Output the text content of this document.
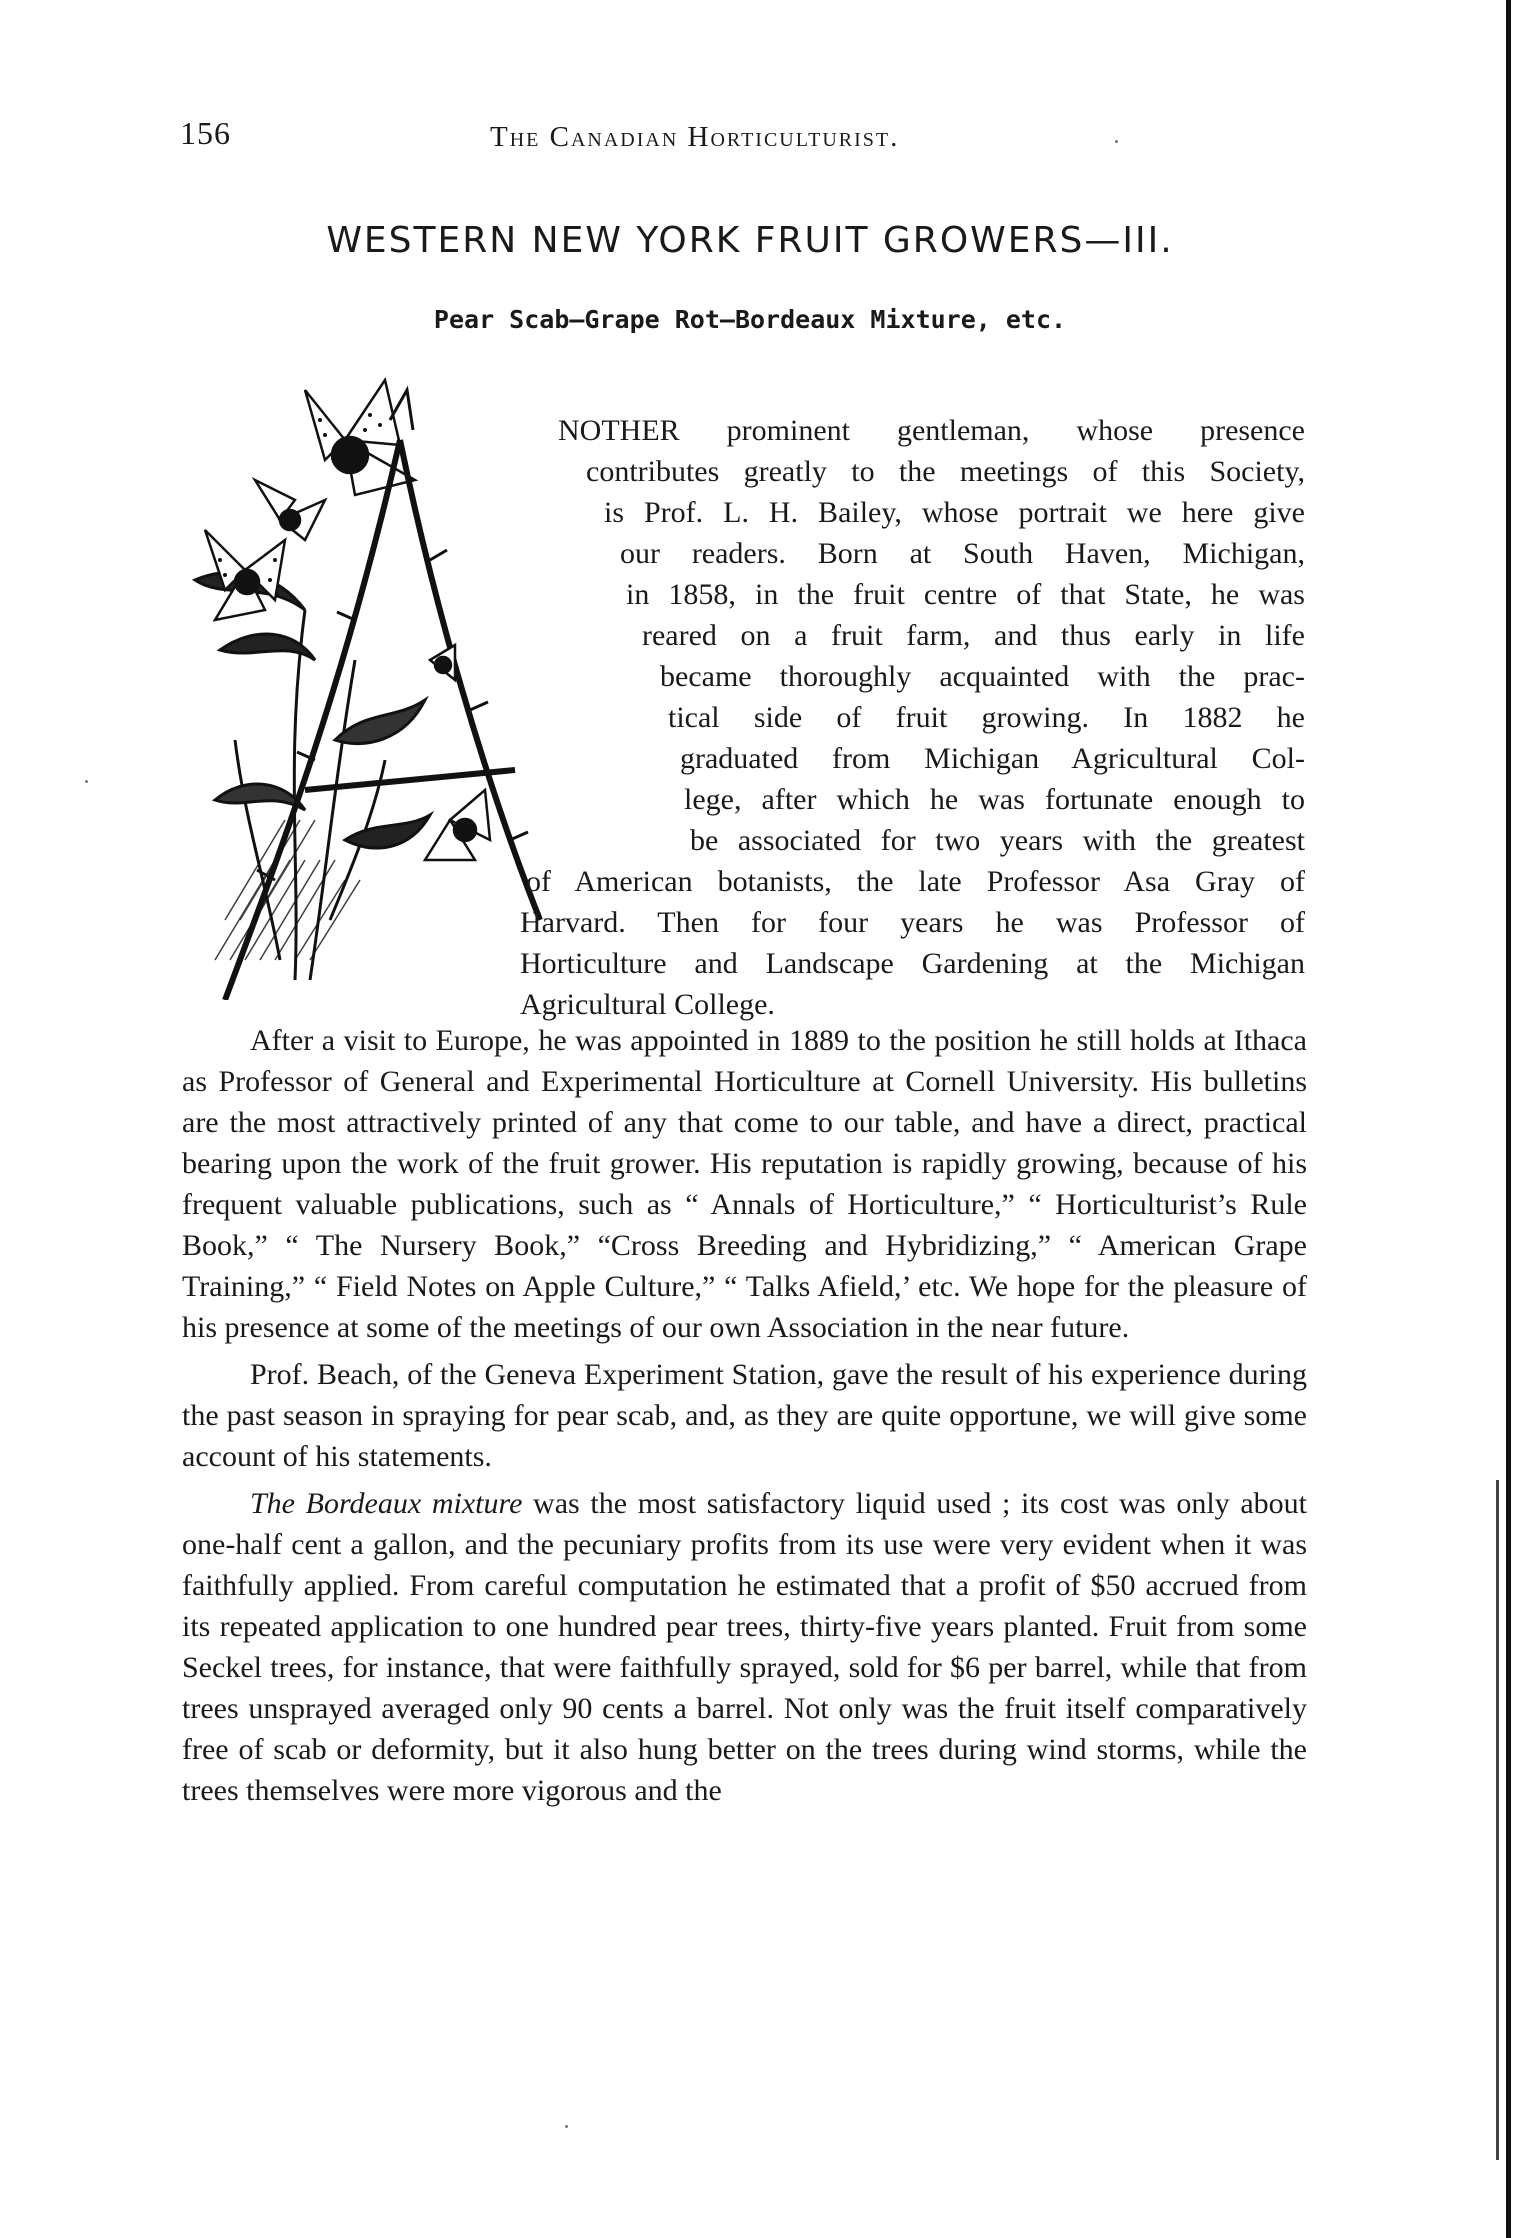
156	The Canadian Horticulturist.
WESTERN NEW YORK FRUIT GROWERS—III.
Pear Scab—Grape Rot—Bordeaux Mixture, etc.
NOTHER prominent gentleman, whose presence
contributes greatly to the meetings of this Society,
is Prof. L. H. Bailey, whose portrait we here give
our readers. Born at South Haven, Michigan,
in 1858, in the fruit centre of that State, he was
reared on a fruit farm, and thus early in life
became thoroughly acquainted with the prac-
tical side of fruit growing. In 1882 he
graduated from Michigan Agricultural Col-
lege, after which he was fortunate enough to
be associated for two years with the greatest
of American botanists, the late Professor Asa Gray of
Harvard. Then for four years he was Professor of
Horticulture and Landscape Gardening at the Michigan
Agricultural College.

After a visit to Europe, he was appointed in 1889 to the position he still holds at Ithaca as Professor of General and Experimental Horticulture at Cornell University. His bulletins are the most attractively printed of any that come to our table, and have a direct, practical bearing upon the work of the fruit grower. His reputation is rapidly growing, because of his frequent valuable publications, such as “ Annals of Horticulture,” “ Horticulturist’s Rule Book,” “ The Nursery Book,” “Cross Breeding and Hybridizing,” “ American Grape Training,” “ Field Notes on Apple Culture,” “ Talks Afield,’ etc. We hope for the pleasure of his presence at some of the meetings of our own Association in the near future.

Prof. Beach, of the Geneva Experiment Station, gave the result of his experience during the past season in spraying for pear scab, and, as they are quite opportune, we will give some account of his statements.

The Bordeaux mixture was the most satisfactory liquid used ; its cost was only about one-half cent a gallon, and the pecuniary profits from its use were very evident when it was faithfully applied. From careful computation he estimated that a profit of $50 accrued from its repeated application to one hundred pear trees, thirty-five years planted. Fruit from some Seckel trees, for instance, that were faithfully sprayed, sold for $6 per barrel, while that from trees unsprayed averaged only 90 cents a barrel. Not only was the fruit itself comparatively free of scab or deformity, but it also hung better on the trees during wind storms, while the trees themselves were more vigorous and the
